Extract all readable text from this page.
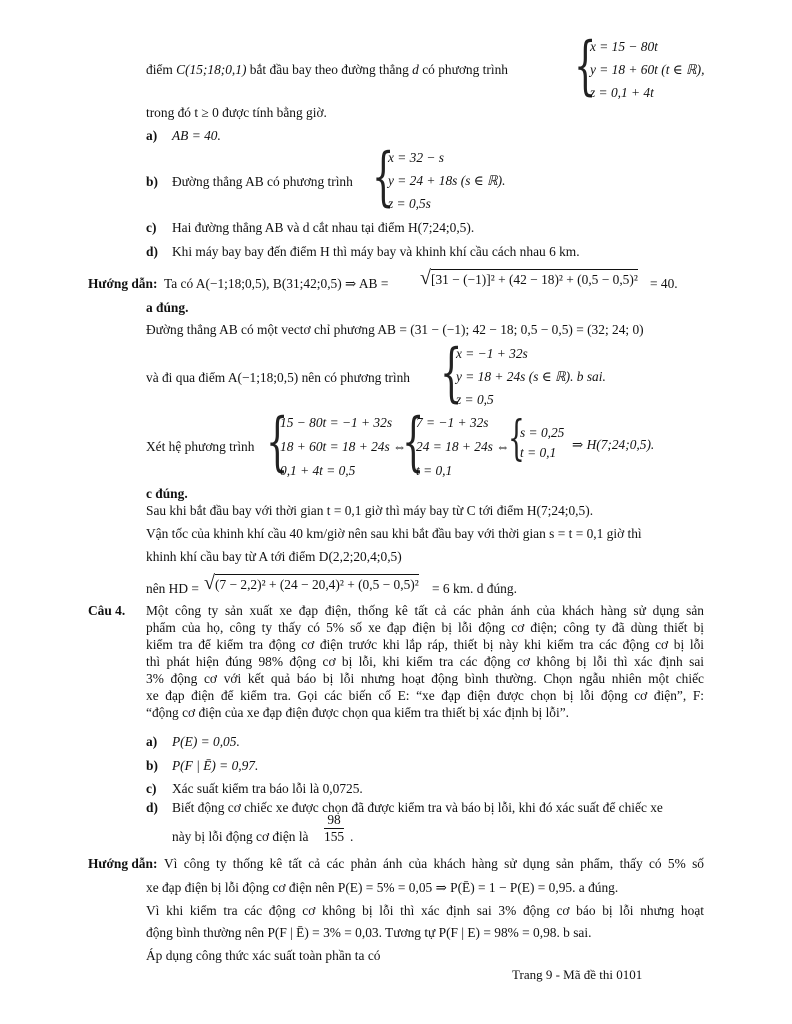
điểm C(15;18;0,1) bắt đầu bay theo đường thẳng d có phương trình {
x = 15 − 80t
y = 18 + 60t (t ∈ ℝ),
z = 0,1 + 4t
trong đó t ≥ 0 được tính bằng giờ.
a) AB = 40.
b) Đường thẳng AB có phương trình {
x = 32 − s
y = 24 + 18s (s ∈ ℝ).
z = 0,5s
c) Hai đường thẳng AB và d cắt nhau tại điểm H(7;24;0,5).
d) Khi máy bay bay đến điểm H thì máy bay và khinh khí cầu cách nhau 6 km.
Hướng dẫn: Ta có A(−1;18;0,5), B(31;42;0,5) ⇒ AB = √[31 − (−1)]² + (42 − 18)² + (0,5 − 0,5)² = 40.
a đúng.
Đường thẳng AB có một vectơ chỉ phương AB = (31 − (−1); 42 − 18; 0,5 − 0,5) = (32; 24; 0)
và đi qua điểm A(−1;18;0,5) nên có phương trình {
x = −1 + 32s
y = 18 + 24s (s ∈ ℝ). b sai.
z = 0,5
Xét hệ phương trình {
15 − 80t = −1 + 32s
18 + 60t = 18 + 24s ⇔
0,1 + 4t = 0,5 {
7 = −1 + 32s
24 = 18 + 24s ⇔
t = 0,1
{
s = 0,25
t = 0,1
⇒ H(7;24;0,5).
c đúng.
Sau khi bắt đầu bay với thời gian t = 0,1 giờ thì máy bay từ C tới điểm H(7;24;0,5).
Vận tốc của khinh khí cầu 40 km/giờ nên sau khi bắt đầu bay với thời gian s = t = 0,1 giờ thì
khinh khí cầu bay từ A tới điểm D(2,2;20,4;0,5)
nên HD = √(7 − 2,2)² + (24 − 20,4)² + (0,5 − 0,5)² = 6 km. d đúng.
Câu 4. Một công ty sản xuất xe đạp điện, thống kê tất cả các phản ánh của khách hàng sử dụng sản
phẩm của họ, công ty thấy có 5% số xe đạp điện bị lỗi động cơ điện; công ty đã dùng thiết bị
kiểm tra để kiểm tra động cơ điện trước khi lắp ráp, thiết bị này khi kiểm tra các động cơ bị lỗi
thì phát hiện đúng 98% động cơ bị lỗi, khi kiểm tra các động cơ không bị lỗi thì xác định sai
3% động cơ với kết quả báo bị lỗi nhưng hoạt động bình thường. Chọn ngẫu nhiên một chiếc
xe đạp điện để kiểm tra. Gọi các biến cố E: “xe đạp điện được chọn bị lỗi động cơ điện”, F:
“động cơ điện của xe đạp điện được chọn qua kiểm tra thiết bị xác định bị lỗi”.
a) P(E) = 0,05.
b) P(F | Ē) = 0,97.
c) Xác suất kiểm tra báo lỗi là 0,0725.
d) Biết động cơ chiếc xe được chọn đã được kiểm tra và báo bị lỗi, khi đó xác suất để chiếc xe
này bị lỗi động cơ điện là $\frac{98}{155}$ .
Hướng dẫn: Vì công ty thống kê tất cả các phản ánh của khách hàng sử dụng sản phẩm, thấy có 5% số
xe đạp điện bị lỗi động cơ điện nên P(E) = 5% = 0,05 ⇒ P(Ē) = 1 − P(E) = 0,95. a đúng.
Vì khi kiểm tra các động cơ không bị lỗi thì xác định sai 3% động cơ báo bị lỗi nhưng hoạt
động bình thường nên P(F | Ē) = 3% = 0,03. Tương tự P(F | E) = 98% = 0,98. b sai.
Áp dụng công thức xác suất toàn phần ta có
Trang 9 - Mã đề thi 0101
